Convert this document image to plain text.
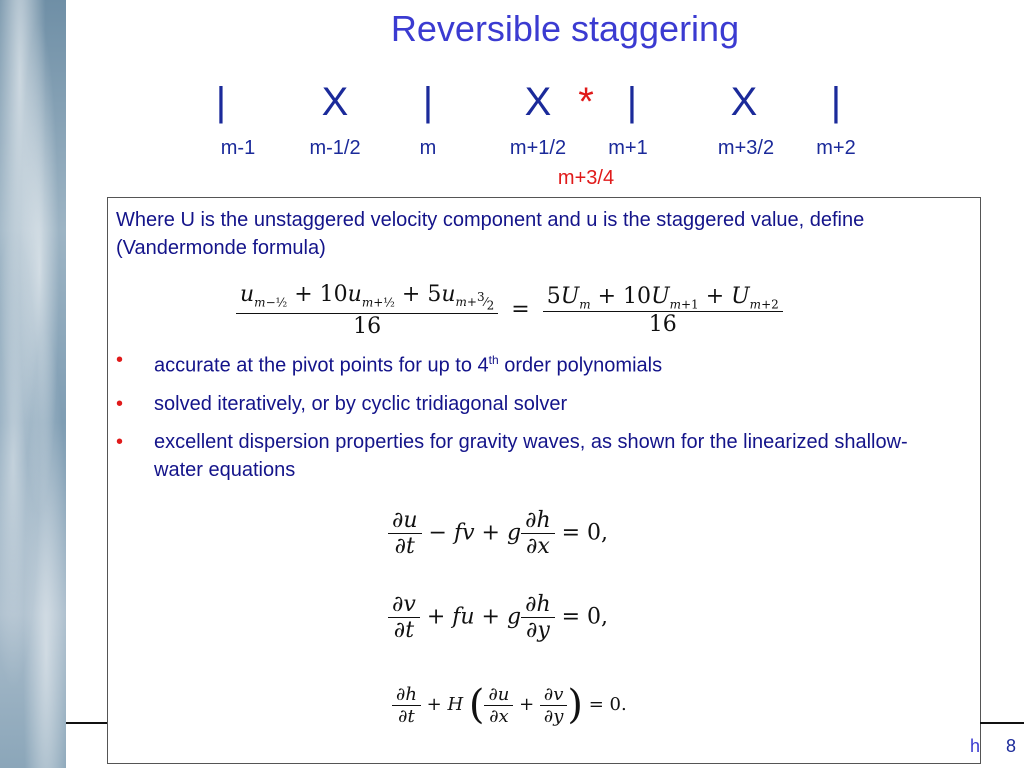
Reversible staggering
| X | X * | X |
m-1	m-1/2	m	m+1/2 m+1	m+3/2 m+2
m+3/4
Where U is the unstaggered velocity component and u is the staggered value, define (Vandermonde formula)
$\frac{u_{m-\frac{1}{2}} + 10u_{m+\frac{1}{2}} + 5u_{m+^3⁄_2}}{16} = \frac{5U_m + 10U_{m+1} + U_{m+2}}{16}$
• accurate at the pivot points for up to 4th order polynomials
• solved iteratively, or by cyclic tridiagonal solver
• excellent dispersion properties for gravity waves, as shown for the linearized shallow-water equations
$\frac{\partial u}{\partial t}$ − fv + g $\frac{\partial h}{\partial x} = 0$,
$\frac{\partial v}{\partial t}$ + fu + g $\frac{\partial h}{\partial y} = 0$,
$\frac{\partial h}{\partial t} + H$ ( $\frac{\partial u}{\partial x} + \frac{\partial v}{\partial y}$ ) = 0.
h 8
